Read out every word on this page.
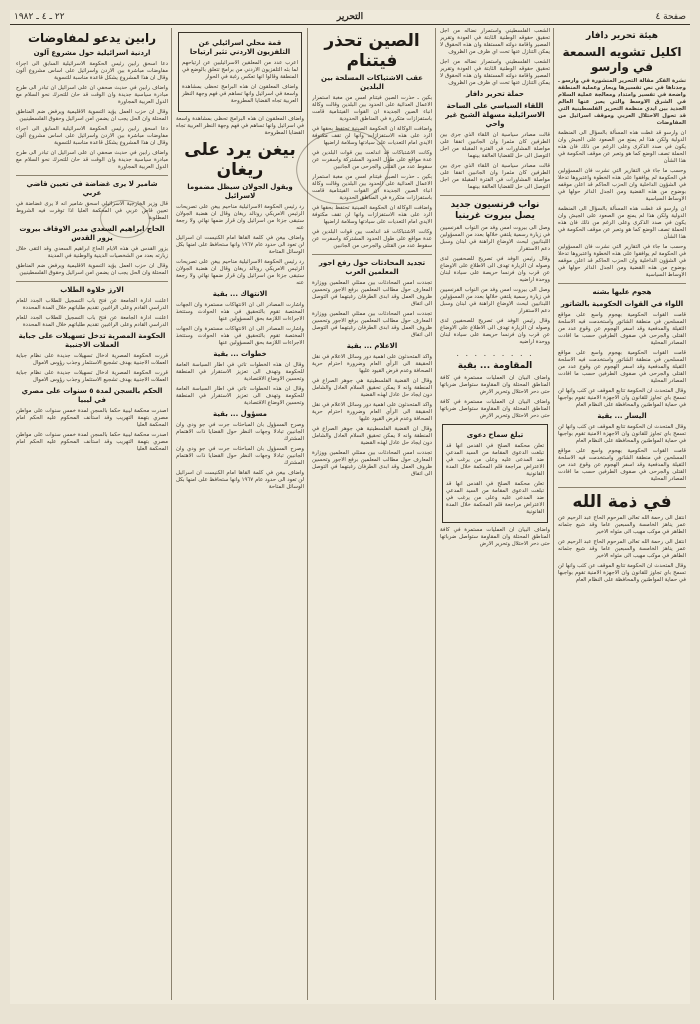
صفحة ٤
التحرير
٢٢ ـ ٤ ـ ١٩٨٢
هيئة تحرير دافار
اكليل تشويه السمعة في وارسو

نشرة الفكر مقالة التحرير المنشورة في وارسو ـ وجدناها في نص تفسيرها وبحار وعملية المنطقة واضحة في تفسير وامتداد ومعالجة عملية السلام في الشرق الاوسط والتي يعبر عنها العالم الجديد بين ايدي منظمة التحرير الفلسطينية التي قد تحول الاحتلال العربي وموقف اسرائيل من المفاوضات

ان وارسو قد غطت هذه المسألة بالسؤال الى المنظمة الدولية ولكن هذا لم يمنع من الصعود على الجيش وان يكون في صدد الذكرى وعلى الرغم من ذلك فان هذه الحملة تصف الوضع كما هو وتعبر عن موقف الحكومة في هذا الشأن

وحسب ما جاء في التقارير التي نشرت فان المسؤولين في الحكومة لم يوافقوا على هذه الخطوة واعتبروها تدخلا في الشؤون الداخلية وان الحزب الحاكم قد اعلن موقفه بوضوح من هذه القضية ومن الجدل الدائر حولها في الاوساط السياسية

ان وارسو قد غطت هذه المسألة بالسؤال الى المنظمة الدولية ولكن هذا لم يمنع من الصعود على الجيش وان يكون في صدد الذكرى وعلى الرغم من ذلك فان هذه الحملة تصف الوضع كما هو وتعبر عن موقف الحكومة في هذا الشأن

وحسب ما جاء في التقارير التي نشرت فان المسؤولين في الحكومة لم يوافقوا على هذه الخطوة واعتبروها تدخلا في الشؤون الداخلية وان الحزب الحاكم قد اعلن موقفه بوضوح من هذه القضية ومن الجدل الدائر حولها في الاوساط السياسية

هجوم عليها بشنه
اللواء في القوات الحكومية بالشاتور

قامت القوات الحكومية بهجوم واسع على مواقع المسلحين في منطقة الشاتور واستخدمت فيه الاسلحة الثقيلة والمدفعية وقد اسفر الهجوم عن وقوع عدد من القتلى والجرحى في صفوف الطرفين حسب ما افادت المصادر المحلية

قامت القوات الحكومية بهجوم واسع على مواقع المسلحين في منطقة الشاتور واستخدمت فيه الاسلحة الثقيلة والمدفعية وقد اسفر الهجوم عن وقوع عدد من القتلى والجرحى في صفوف الطرفين حسب ما افادت المصادر المحلية

وقال المتحدث ان الحكومة تتابع الموقف عن كثب وانها لن تسمح باي تجاوز للقانون وان الاجهزة الامنية تقوم بواجبها في حماية المواطنين والمحافظة على النظام العام

اليسار ... بقية

وقال المتحدث ان الحكومة تتابع الموقف عن كثب وانها لن تسمح باي تجاوز للقانون وان الاجهزة الامنية تقوم بواجبها في حماية المواطنين والمحافظة على النظام العام

قامت القوات الحكومية بهجوم واسع على مواقع المسلحين في منطقة الشاتور واستخدمت فيه الاسلحة الثقيلة والمدفعية وقد اسفر الهجوم عن وقوع عدد من القتلى والجرحى في صفوف الطرفين حسب ما افادت المصادر المحلية

في ذمة الله

انتقل الى رحمة الله تعالى المرحوم الحاج عبد الرحيم عن عمر يناهز الخامسة والسبعين عاما وقد شيع جثمانه الطاهر في موكب مهيب الى مثواه الاخير

انتقل الى رحمة الله تعالى المرحوم الحاج عبد الرحيم عن عمر يناهز الخامسة والسبعين عاما وقد شيع جثمانه الطاهر في موكب مهيب الى مثواه الاخير

وقال المتحدث ان الحكومة تتابع الموقف عن كثب وانها لن تسمح باي تجاوز للقانون وان الاجهزة الامنية تقوم بواجبها في حماية المواطنين والمحافظة على النظام العام

الشعب الفلسطيني واستمرار نضاله من اجل تحقيق حقوقه الوطنية الثابتة في العودة وتقرير المصير واقامة دولته المستقلة وان هذه الحقوق لا يمكن التنازل عنها تحت اي ظرف من الظروف

الشعب الفلسطيني واستمرار نضاله من اجل تحقيق حقوقه الوطنية الثابتة في العودة وتقرير المصير واقامة دولته المستقلة وان هذه الحقوق لا يمكن التنازل عنها تحت اي ظرف من الظروف

حملة تحرير دافار
اللقاء السياسي على الساحة الاسرائيلية مسهلة الشيخ غير واحي

قالت مصادر سياسية ان اللقاء الذي جرى بين الطرفين كان مثمرا وان الجانبين اتفقا على مواصلة المشاورات في الفترة المقبلة من اجل التوصل الى حل للقضايا العالقة بينهما

قالت مصادر سياسية ان اللقاء الذي جرى بين الطرفين كان مثمرا وان الجانبين اتفقا على مواصلة المشاورات في الفترة المقبلة من اجل التوصل الى حل للقضايا العالقة بينهما

نواب فرنسيون جديد يصل بيروت غرينيا

وصل الى بيروت امس وفد من النواب الفرنسيين في زيارة رسمية يلتقي خلالها بعدد من المسؤولين اللبنانيين لبحث الاوضاع الراهنة في لبنان وسبل دعم الاستقرار

وقال رئيس الوفد في تصريح للصحفيين لدى وصوله ان الزيارة تهدف الى الاطلاع على الاوضاع عن قرب وان فرنسا حريصة على سيادة لبنان ووحدة اراضيه

وصل الى بيروت امس وفد من النواب الفرنسيين في زيارة رسمية يلتقي خلالها بعدد من المسؤولين اللبنانيين لبحث الاوضاع الراهنة في لبنان وسبل دعم الاستقرار

وقال رئيس الوفد في تصريح للصحفيين لدى وصوله ان الزيارة تهدف الى الاطلاع على الاوضاع عن قرب وان فرنسا حريصة على سيادة لبنان ووحدة اراضيه

. . . . . . . . .
المقاومة ... بقية

واضاف البيان ان العمليات مستمرة في كافة المناطق المحتلة وان المقاومة ستواصل ضرباتها حتى دحر الاحتلال وتحرير الارض

واضاف البيان ان العمليات مستمرة في كافة المناطق المحتلة وان المقاومة ستواصل ضرباتها حتى دحر الاحتلال وتحرير الارض

تبلغ سماح دعوى

تعلن محكمة الصلح في القدس انها قد تبلغت الدعوى المقامة من السيد المدعي ضد المدعى عليه وعلى من يرغب في الاعتراض مراجعة قلم المحكمة خلال المدة القانونية

تعلن محكمة الصلح في القدس انها قد تبلغت الدعوى المقامة من السيد المدعي ضد المدعى عليه وعلى من يرغب في الاعتراض مراجعة قلم المحكمة خلال المدة القانونية

واضاف البيان ان العمليات مستمرة في كافة المناطق المحتلة وان المقاومة ستواصل ضرباتها حتى دحر الاحتلال وتحرير الارض

الصين تحذر فيتنام
عقب الاشتباكات المسلحة بين البلدين

بكين ـ حذرت الصين فيتنام امس من مغبة استمرار الاعمال العدائية على الحدود بين البلدين وقالت وكالة انباء الصين الجديدة ان القوات الفيتنامية قامت باستفزازات متكررة في المناطق الحدودية

واضافت الوكالة ان الحكومة الصينية تحتفظ بحقها في الرد على هذه الاستفزازات وانها لن تقف مكتوفة الايدي امام التعديات على سيادتها وسلامة اراضيها

وكانت الاشتباكات قد اندلعت بين قوات البلدين في عدة مواقع على طول الحدود المشتركة واسفرت عن سقوط عدد من القتلى والجرحى من الجانبين

بكين ـ حذرت الصين فيتنام امس من مغبة استمرار الاعمال العدائية على الحدود بين البلدين وقالت وكالة انباء الصين الجديدة ان القوات الفيتنامية قامت باستفزازات متكررة في المناطق الحدودية

واضافت الوكالة ان الحكومة الصينية تحتفظ بحقها في الرد على هذه الاستفزازات وانها لن تقف مكتوفة الايدي امام التعديات على سيادتها وسلامة اراضيها

وكانت الاشتباكات قد اندلعت بين قوات البلدين في عدة مواقع على طول الحدود المشتركة واسفرت عن سقوط عدد من القتلى والجرحى من الجانبين

تجديد المحادثات حول رفع اجور المعلمين العرب

تجددت امس المحادثات بين ممثلي المعلمين ووزارة المعارف حول مطالب المعلمين برفع الاجور وتحسين ظروف العمل وقد ابدى الطرفان رغبتهما في التوصل الى اتفاق

تجددت امس المحادثات بين ممثلي المعلمين ووزارة المعارف حول مطالب المعلمين برفع الاجور وتحسين ظروف العمل وقد ابدى الطرفان رغبتهما في التوصل الى اتفاق

الاعلام ... بقية

واكد المتحدثون على اهمية دور وسائل الاعلام في نقل الحقيقة الى الرأي العام وضرورة احترام حرية الصحافة وعدم فرض القيود عليها

وقال ان القضية الفلسطينية هي جوهر الصراع في المنطقة وانه لا يمكن تحقيق السلام العادل والشامل دون ايجاد حل عادل لهذه القضية

واكد المتحدثون على اهمية دور وسائل الاعلام في نقل الحقيقة الى الرأي العام وضرورة احترام حرية الصحافة وعدم فرض القيود عليها

وقال ان القضية الفلسطينية هي جوهر الصراع في المنطقة وانه لا يمكن تحقيق السلام العادل والشامل دون ايجاد حل عادل لهذه القضية

تجددت امس المحادثات بين ممثلي المعلمين ووزارة المعارف حول مطالب المعلمين برفع الاجور وتحسين ظروف العمل وقد ابدى الطرفان رغبتهما في التوصل الى اتفاق

قمة محلي اسرائيلي عن التلفزيون الاردني تثير ارتياحا

اعرب عدد من المعلقين الاسرائيليين عن ارتياحهم لما بثه التلفزيون الاردني من برامج تتعلق بالوضع في المنطقة وقالوا انها تعكس رغبة في الحوار

واضاف المعلقون ان هذه البرامج تحظى بمشاهدة واسعة في اسرائيل وانها تساهم في فهم وجهة النظر العربية تجاه القضايا المطروحة

واضاف المعلقون ان هذه البرامج تحظى بمشاهدة واسعة في اسرائيل وانها تساهم في فهم وجهة النظر العربية تجاه القضايا المطروحة

بيغن يرد على ريغان
ويقول الجولان سيظل مضموما لاسرائيل

رد رئيس الحكومة الاسرائيلية مناحيم بيغن على تصريحات الرئيس الامريكي رونالد ريغان وقال ان هضبة الجولان ستبقى جزءا من اسرائيل وان قرار ضمها نهائي ولا رجعة عنه

واضاف بيغن في كلمة القاها امام الكنيست ان اسرائيل لن تعود الى حدود عام ١٩٦٧ وانها ستحافظ على امنها بكل الوسائل المتاحة

رد رئيس الحكومة الاسرائيلية مناحيم بيغن على تصريحات الرئيس الامريكي رونالد ريغان وقال ان هضبة الجولان ستبقى جزءا من اسرائيل وان قرار ضمها نهائي ولا رجعة عنه

الانتهاك ... بقية

واشارت المصادر الى ان الانتهاكات مستمرة وان الجهات المختصة تقوم بالتحقيق في هذه الحوادث وستتخذ الاجراءات اللازمة بحق المسؤولين عنها

واشارت المصادر الى ان الانتهاكات مستمرة وان الجهات المختصة تقوم بالتحقيق في هذه الحوادث وستتخذ الاجراءات اللازمة بحق المسؤولين عنها

خطوات ... بقية

وقال ان هذه الخطوات تاتي في اطار السياسة العامة للحكومة وتهدف الى تعزيز الاستقرار في المنطقة وتحسين الاوضاع الاقتصادية

وقال ان هذه الخطوات تاتي في اطار السياسة العامة للحكومة وتهدف الى تعزيز الاستقرار في المنطقة وتحسين الاوضاع الاقتصادية

مسؤول ... بقية

وصرح المسؤول بان المباحثات جرت في جو ودي وان الجانبين تبادلا وجهات النظر حول القضايا ذات الاهتمام المشترك

وصرح المسؤول بان المباحثات جرت في جو ودي وان الجانبين تبادلا وجهات النظر حول القضايا ذات الاهتمام المشترك

واضاف بيغن في كلمة القاها امام الكنيست ان اسرائيل لن تعود الى حدود عام ١٩٦٧ وانها ستحافظ على امنها بكل الوسائل المتاحة

رابين يدعو لمفاوضات
اردنية اسرائيلية حول مشروع آلون

دعا اسحق رابين رئيس الحكومة الاسرائيلية السابق الى اجراء مفاوضات مباشرة بين الاردن واسرائيل على اساس مشروع آلون وقال ان هذا المشروع يشكل قاعدة مناسبة للتسوية

واضاف رابين في حديث صحفي ان على اسرائيل ان تبادر الى طرح مبادرة سياسية جديدة وان الوقت قد حان للتحرك نحو السلام مع الدول العربية المجاورة

وقال ان حزب العمل يؤيد التسوية الاقليمية ويرفض ضم المناطق المحتلة وان الحل يجب ان يضمن امن اسرائيل وحقوق الفلسطينيين

دعا اسحق رابين رئيس الحكومة الاسرائيلية السابق الى اجراء مفاوضات مباشرة بين الاردن واسرائيل على اساس مشروع آلون وقال ان هذا المشروع يشكل قاعدة مناسبة للتسوية

واضاف رابين في حديث صحفي ان على اسرائيل ان تبادر الى طرح مبادرة سياسية جديدة وان الوقت قد حان للتحرك نحو السلام مع الدول العربية المجاورة

شامير لا يرى غضاضة في تعيين قاضي عربي

قال وزير الخارجية الاسرائيلي اسحق شامير انه لا يرى غضاضة في تعيين قاض عربي في المحكمة العليا اذا توفرت فيه الشروط المطلوبة

الحاج ابراهيم السعدي مدير الاوقاف بيروت يزور القدس

يزور القدس في هذه الايام الحاج ابراهيم السعدي وقد التقى خلال زيارته بعدد من الشخصيات الدينية والوطنية في المدينة

وقال ان حزب العمل يؤيد التسوية الاقليمية ويرفض ضم المناطق المحتلة وان الحل يجب ان يضمن امن اسرائيل وحقوق الفلسطينيين

الارز خلاوة الطلاب

اعلنت ادارة الجامعة عن فتح باب التسجيل للطلاب الجدد للعام الدراسي القادم وعلى الراغبين تقديم طلباتهم خلال المدة المحددة

اعلنت ادارة الجامعة عن فتح باب التسجيل للطلاب الجدد للعام الدراسي القادم وعلى الراغبين تقديم طلباتهم خلال المدة المحددة

الحكومة المصرية تدخل تسهيلات على جباية العملات الاجنبية

قررت الحكومة المصرية ادخال تسهيلات جديدة على نظام جباية العملات الاجنبية بهدف تشجيع الاستثمار وجذب رؤوس الاموال

قررت الحكومة المصرية ادخال تسهيلات جديدة على نظام جباية العملات الاجنبية بهدف تشجيع الاستثمار وجذب رؤوس الاموال

الحكم بالسجن لمدة ٥ سنوات على مصري في ليبيا

اصدرت محكمة ليبية حكما بالسجن لمدة خمس سنوات على مواطن مصري بتهمة التهريب وقد استأنف المحكوم عليه الحكم امام المحكمة العليا

اصدرت محكمة ليبية حكما بالسجن لمدة خمس سنوات على مواطن مصري بتهمة التهريب وقد استأنف المحكوم عليه الحكم امام المحكمة العليا
